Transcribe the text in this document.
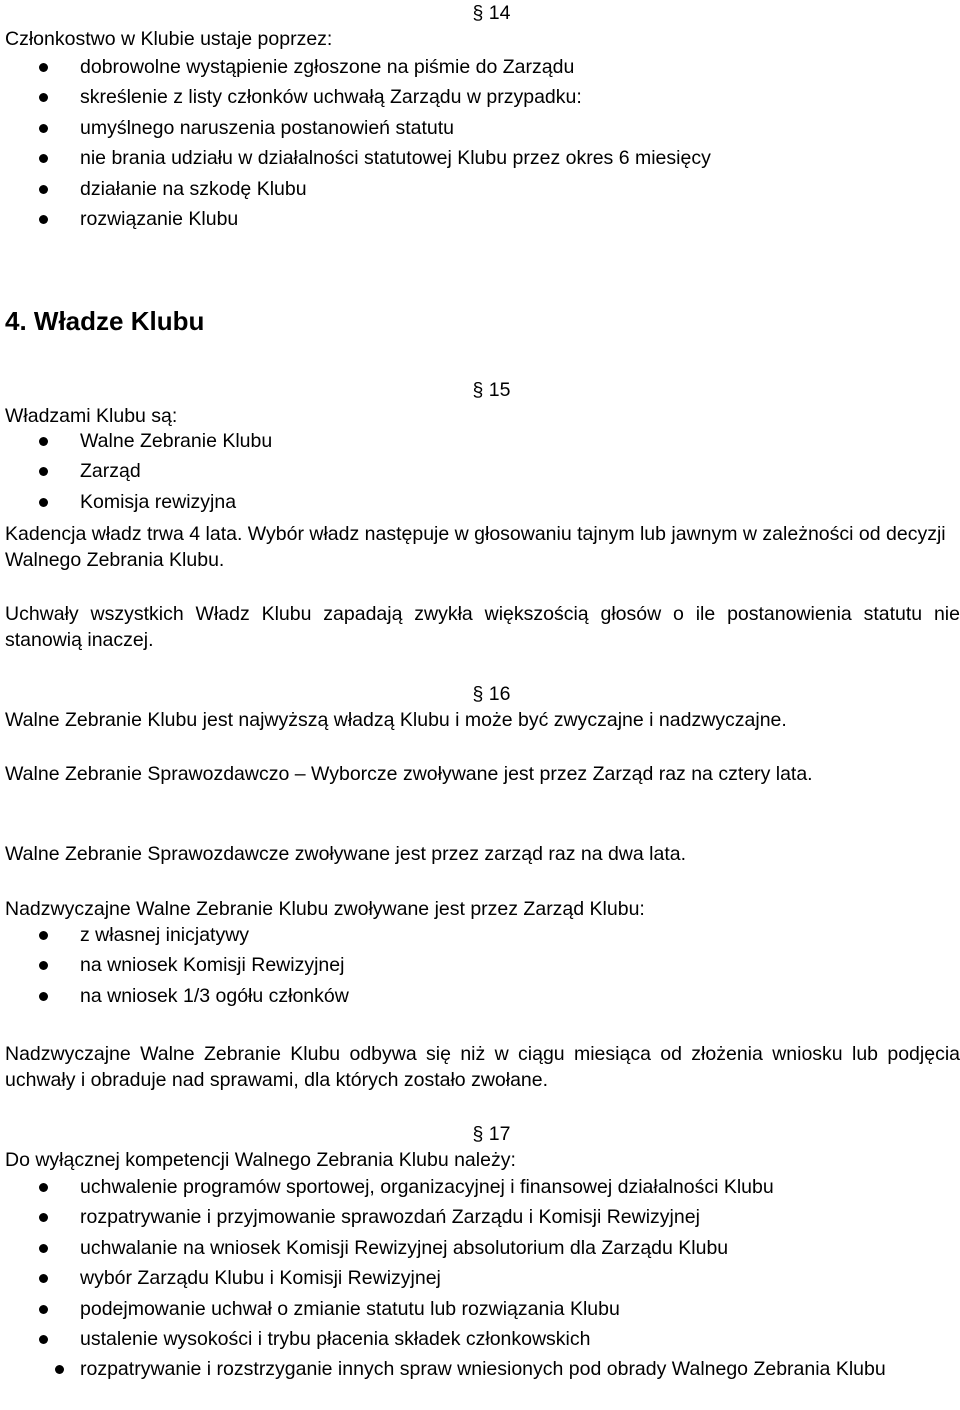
§ 14

Członkostwo w Klubie ustaje poprzez:

dobrowolne wystąpienie zgłoszone na piśmie do Zarządu
skreślenie z listy członków uchwałą Zarządu w przypadku:
umyślnego naruszenia postanowień statutu
nie brania udziału w działalności statutowej Klubu przez okres 6 miesięcy
działanie na szkodę Klubu
rozwiązanie Klubu
4. Władze Klubu
§ 15

Władzami Klubu są:

Walne Zebranie Klubu
Zarząd
Komisja rewizyjna

Kadencja władz trwa 4 lata. Wybór władz następuje w głosowaniu tajnym lub jawnym w zależności od decyzji Walnego Zebrania Klubu.

Uchwały wszystkich Władz Klubu zapadają zwykła większością głosów o ile postanowienia statutu nie stanowią inaczej.

§ 16

Walne Zebranie Klubu jest najwyższą władzą Klubu i może być zwyczajne i nadzwyczajne.

Walne Zebranie Sprawozdawczo – Wyborcze zwoływane jest przez Zarząd raz na cztery lata.

Walne Zebranie Sprawozdawcze zwoływane jest przez zarząd raz na dwa lata.

Nadzwyczajne Walne Zebranie Klubu zwoływane jest przez Zarząd Klubu:

z własnej inicjatywy
na wniosek Komisji Rewizyjnej
na wniosek 1/3 ogółu członków

Nadzwyczajne Walne Zebranie Klubu odbywa się niż w ciągu miesiąca od złożenia wniosku lub podjęcia uchwały i obraduje nad sprawami, dla których zostało zwołane.

§ 17

Do wyłącznej kompetencji Walnego Zebrania Klubu należy:

uchwalenie programów sportowej, organizacyjnej i finansowej działalności Klubu
rozpatrywanie i przyjmowanie sprawozdań Zarządu i Komisji Rewizyjnej
uchwalanie na wniosek Komisji Rewizyjnej absolutorium dla Zarządu Klubu
wybór Zarządu Klubu i Komisji Rewizyjnej
podejmowanie uchwał o zmianie statutu lub rozwiązania Klubu
ustalenie wysokości i trybu płacenia składek członkowskich
rozpatrywanie i rozstrzyganie innych spraw wniesionych pod obrady Walnego Zebrania Klubu
